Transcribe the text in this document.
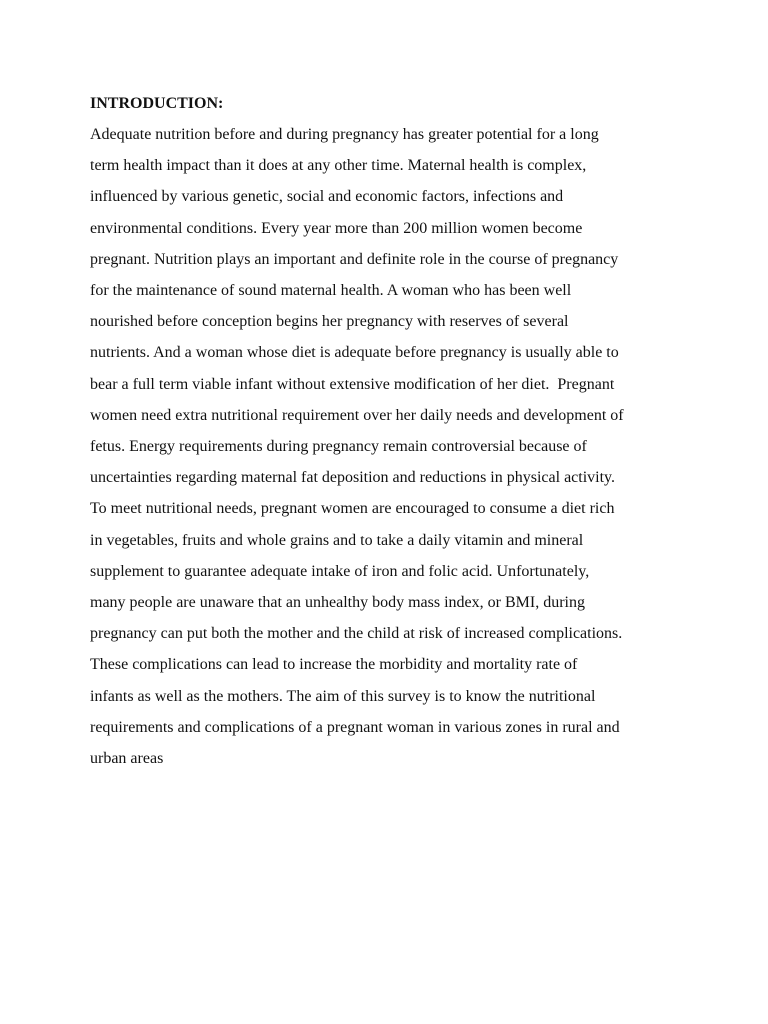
INTRODUCTION:
Adequate nutrition before and during pregnancy has greater potential for a long
term health impact than it does at any other time. Maternal health is complex,
influenced by various genetic, social and economic factors, infections and
environmental conditions. Every year more than 200 million women become
pregnant. Nutrition plays an important and definite role in the course of pregnancy
for the maintenance of sound maternal health. A woman who has been well
nourished before conception begins her pregnancy with reserves of several
nutrients. And a woman whose diet is adequate before pregnancy is usually able to
bear a full term viable infant without extensive modification of her diet.  Pregnant
women need extra nutritional requirement over her daily needs and development of
fetus. Energy requirements during pregnancy remain controversial because of
uncertainties regarding maternal fat deposition and reductions in physical activity.
To meet nutritional needs, pregnant women are encouraged to consume a diet rich
in vegetables, fruits and whole grains and to take a daily vitamin and mineral
supplement to guarantee adequate intake of iron and folic acid. Unfortunately,
many people are unaware that an unhealthy body mass index, or BMI, during
pregnancy can put both the mother and the child at risk of increased complications.
These complications can lead to increase the morbidity and mortality rate of
infants as well as the mothers. The aim of this survey is to know the nutritional
requirements and complications of a pregnant woman in various zones in rural and
urban areas
